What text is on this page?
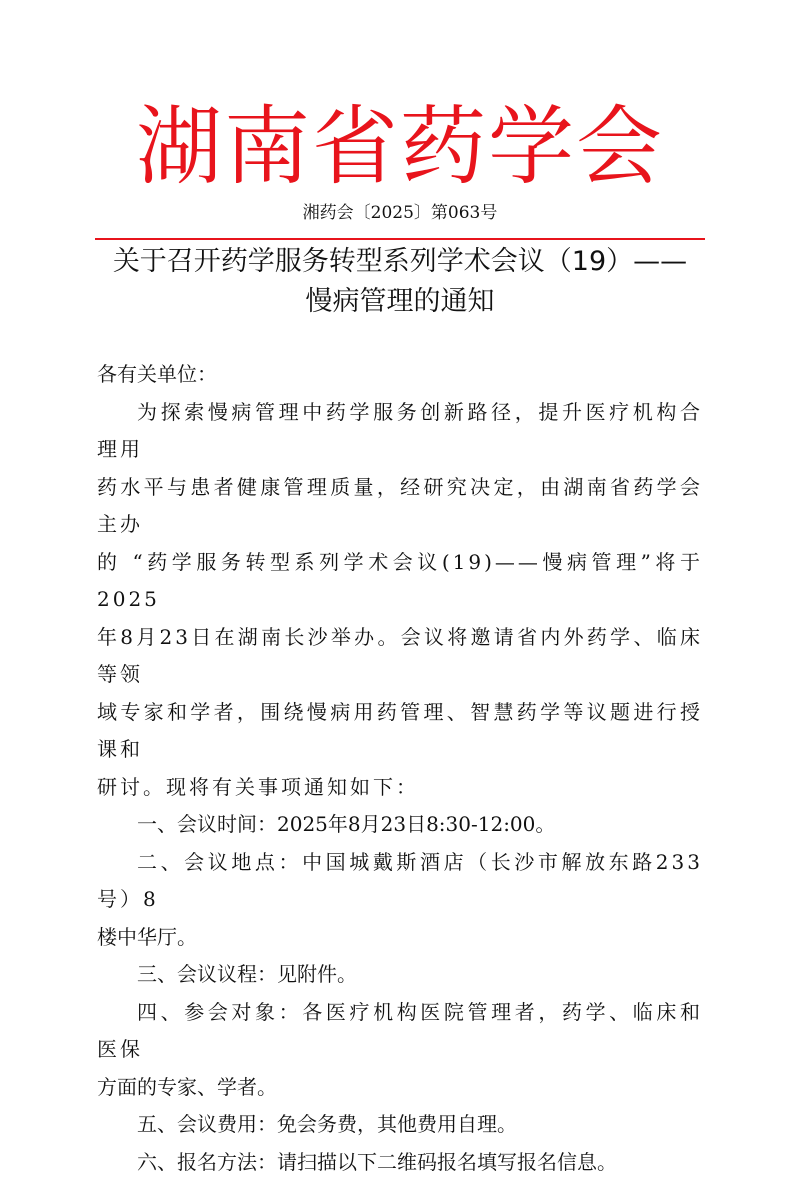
湖南省药学会
湘药会〔2025〕第063号
关于召开药学服务转型系列学术会议（19）——
慢病管理的通知

各有关单位：

为探索慢病管理中药学服务创新路径，提升医疗机构合理用

药水平与患者健康管理质量，经研究决定，由湖南省药学会主办

的 “药学服务转型系列学术会议(19)——慢病管理”将于2025

年8月23日在湖南长沙举办。会议将邀请省内外药学、临床等领

域专家和学者，围绕慢病用药管理、智慧药学等议题进行授课和

研讨。现将有关事项通知如下：

一、会议时间：2025年8月23日8:30-12:00。

二、会议地点：中国城戴斯酒店（长沙市解放东路233号）8

楼中华厅。

三、会议议程：见附件。

四、参会对象：各医疗机构医院管理者，药学、临床和医保

方面的专家、学者。

五、会议费用：免会务费，其他费用自理。

六、报名方法：请扫描以下二维码报名填写报名信息。
